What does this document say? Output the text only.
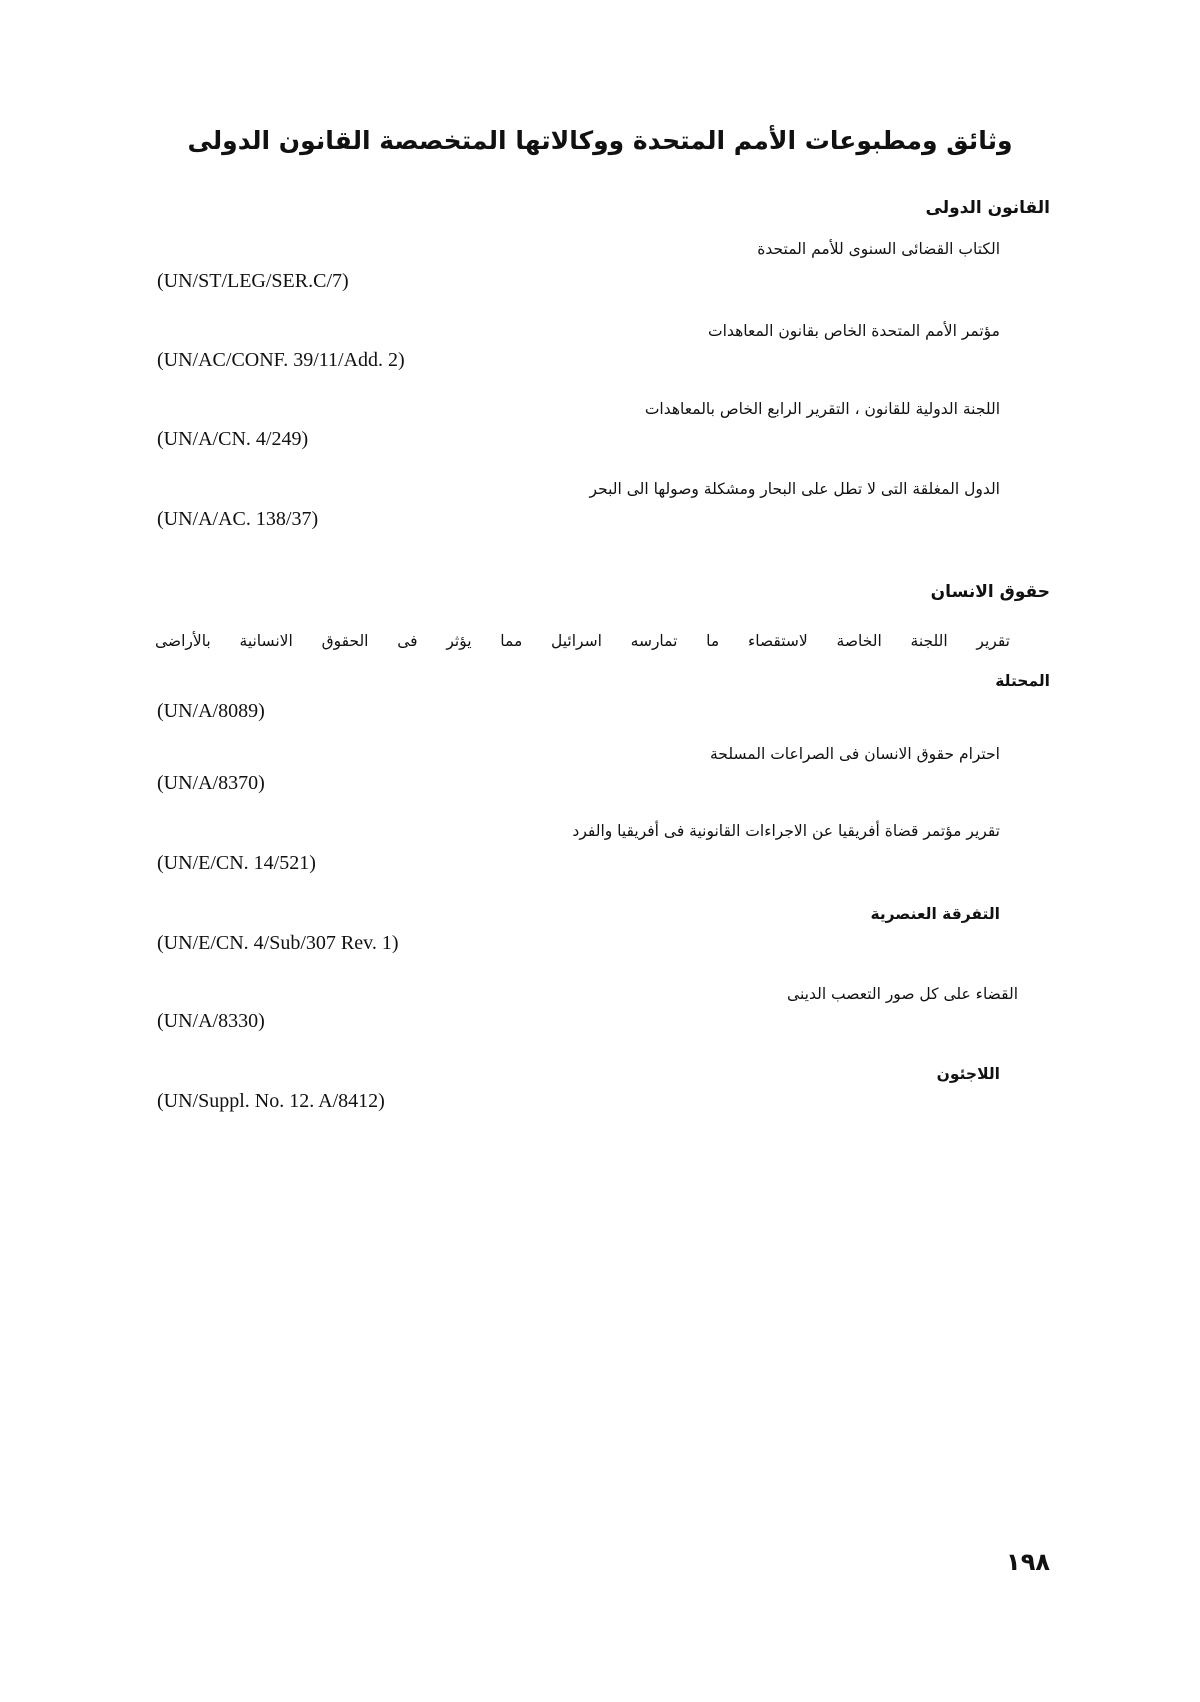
وثائق ومطبوعات الأمم المتحدة ووكالاتها المتخصصة القانون الدولى
القانون الدولى
الكتاب القضائى السنوى للأمم المتحدة
(UN/ST/LEG/SER.C/7)
مؤتمر الأمم المتحدة الخاص بقانون المعاهدات
(UN/AC/CONF. 39/11/Add. 2)
اللجنة الدولية للقانون ، التقرير الرابع الخاص بالمعاهدات
(UN/A/CN. 4/249)
الدول المغلقة التى لا تطل على البحار ومشكلة وصولها الى البحر
(UN/A/AC. 138/37)
حقوق الانسان
تقرير اللجنة الخاصة لاستقصاء ما تمارسه اسرائيل مما يؤثر فى الحقوق الانسانية بالأراضى
المحتلة
(UN/A/8089)
احترام حقوق الانسان فى الصراعات المسلحة
(UN/A/8370)
تقرير مؤتمر قضاة أفريقيا عن الاجراءات القانونية فى أفريقيا والفرد
(UN/E/CN. 14/521)
التفرقة العنصرية
(UN/E/CN. 4/Sub/307 Rev. 1)
القضاء على كل صور التعصب الدينى
(UN/A/8330)
اللاجئون
(UN/Suppl. No. 12. A/8412)
١٩٨
